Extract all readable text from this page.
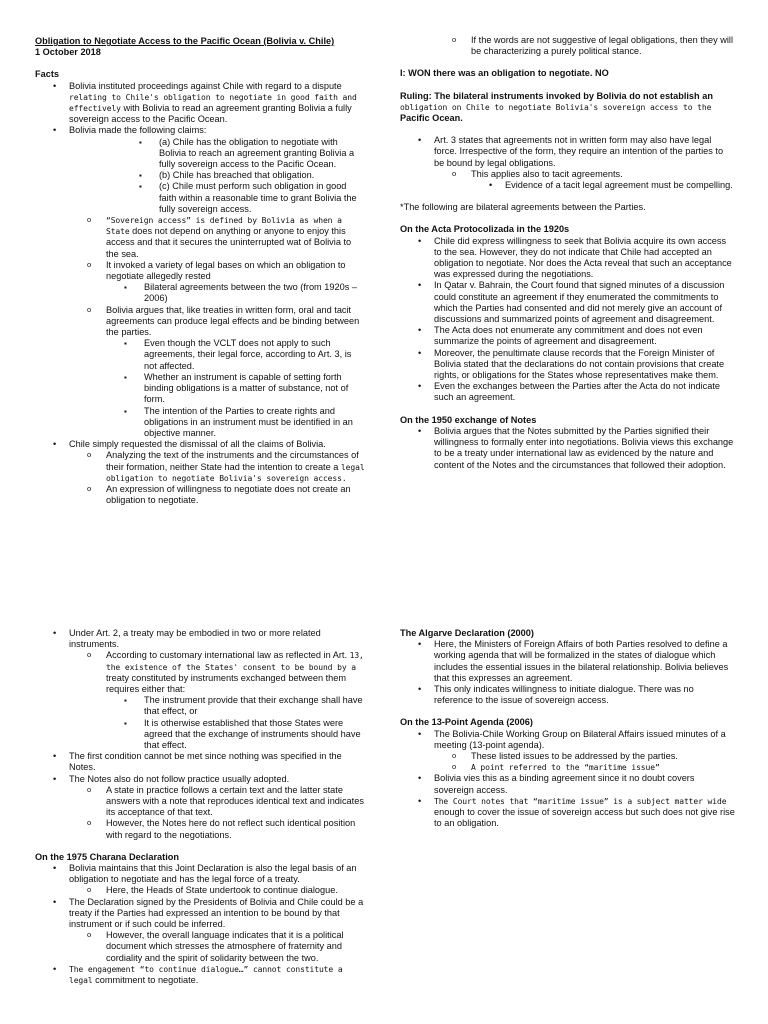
Obligation to Negotiate Access to the Pacific Ocean (Bolivia v. Chile)

1 October 2018

Facts

• Bolivia instituted proceedings against Chile with regard to a dispute relating to Chile's obligation to negotiate in good faith and effectively with Bolivia to read an agreement granting Bolivia a fully sovereign access to the Pacific Ocean.
• Bolivia made the following claims:
▪ (a) Chile has the obligation to negotiate with Bolivia to reach an agreement granting Bolivia a fully sovereign access to the Pacific Ocean.
▪ (b) Chile has breached that obligation.
▪ (c) Chile must perform such obligation in good faith within a reasonable time to grant Bolivia the fully sovereign access.
o “Sovereign access” is defined by Bolivia as when a State does not depend on anything or anyone to enjoy this access and that it secures the uninterrupted wat of Bolivia to the sea.
o It invoked a variety of legal bases on which an obligation to negotiate allegedly rested
▪ Bilateral agreements between the two (from 1920s – 2006)
o Bolivia argues that, like treaties in written form, oral and tacit agreements can produce legal effects and be binding between the parties.
▪ Even though the VCLT does not apply to such agreements, their legal force, according to Art. 3, is not affected.
▪ Whether an instrument is capable of setting forth binding obligations is a matter of substance, not of form.
▪ The intention of the Parties to create rights and obligations in an instrument must be identified in an objective manner.
• Chile simply requested the dismissal of all the claims of Bolivia.
o Analyzing the text of the instruments and the circumstances of their formation, neither State had the intention to create a legal obligation to negotiate Bolivia's sovereign access.
o An expression of willingness to negotiate does not create an obligation to negotiate.
o If the words are not suggestive of legal obligations, then they will be characterizing a purely political stance.

I: WON there was an obligation to negotiate. NO

Ruling: The bilateral instruments invoked by Bolivia do not establish an obligation on Chile to negotiate Bolivia's sovereign access to the Pacific Ocean.

• Art. 3 states that agreements not in written form may also have legal force. Irrespective of the form, they require an intention of the parties to be bound by legal obligations.
o This applies also to tacit agreements.
• Evidence of a tacit legal agreement must be compelling.

*The following are bilateral agreements between the Parties.

On the Acta Protocolizada in the 1920s

• Chile did express willingness to seek that Bolivia acquire its own access to the sea. However, they do not indicate that Chile had accepted an obligation to negotiate. Nor does the Acta reveal that such an acceptance was expressed during the negotiations.
• In Qatar v. Bahrain, the Court found that signed minutes of a discussion could constitute an agreement if they enumerated the commitments to which the Parties had consented and did not merely give an account of discussions and summarized points of agreement and disagreement.
• The Acta does not enumerate any commitment and does not even summarize the points of agreement and disagreement.
• Moreover, the penultimate clause records that the Foreign Minister of Bolivia stated that the declarations do not contain provisions that create rights, or obligations for the States whose representatives make them.
• Even the exchanges between the Parties after the Acta do not indicate such an agreement.

On the 1950 exchange of Notes

• Bolivia argues that the Notes submitted by the Parties signified their willingness to formally enter into negotiations. Bolivia views this exchange to be a treaty under international law as evidenced by the nature and content of the Notes and the circumstances that followed their adoption.
• Under Art. 2, a treaty may be embodied in two or more related instruments.
o According to customary international law as reflected in Art. 13, the existence of the States' consent to be bound by a treaty constituted by instruments exchanged between them requires either that:
▪ The instrument provide that their exchange shall have that effect, or
▪ It is otherwise established that those States were agreed that the exchange of instruments should have that effect.
• The first condition cannot be met since nothing was specified in the Notes.
• The Notes also do not follow practice usually adopted.
o A state in practice follows a certain text and the latter state answers with a note that reproduces identical text and indicates its acceptance of that text.
o However, the Notes here do not reflect such identical position with regard to the negotiations.

On the 1975 Charana Declaration

• Bolivia maintains that this Joint Declaration is also the legal basis of an obligation to negotiate and has the legal force of a treaty.
o Here, the Heads of State undertook to continue dialogue.
• The Declaration signed by the Presidents of Bolivia and Chile could be a treaty if the Parties had expressed an intention to be bound by that instrument or if such could be inferred.
o However, the overall language indicates that it is a political document which stresses the atmosphere of fraternity and cordiality and the spirit of solidarity between the two.
• The engagement “to continue dialogue…” cannot constitute a legal commitment to negotiate.

The Algarve Declaration (2000)

• Here, the Ministers of Foreign Affairs of both Parties resolved to define a working agenda that will be formalized in the states of dialogue which includes the essential issues in the bilateral relationship. Bolivia believes that this expresses an agreement.
• This only indicates willingness to initiate dialogue. There was no reference to the issue of sovereign access.

On the 13-Point Agenda (2006)

• The Bolivia-Chile Working Group on Bilateral Affairs issued minutes of a meeting (13-point agenda).
o These listed issues to be addressed by the parties.
o A point referred to the “maritime issue”
• Bolivia vies this as a binding agreement since it no doubt covers sovereign access.
• The Court notes that “maritime issue” is a subject matter wide enough to cover the issue of sovereign access but such does not give rise to an obligation.
